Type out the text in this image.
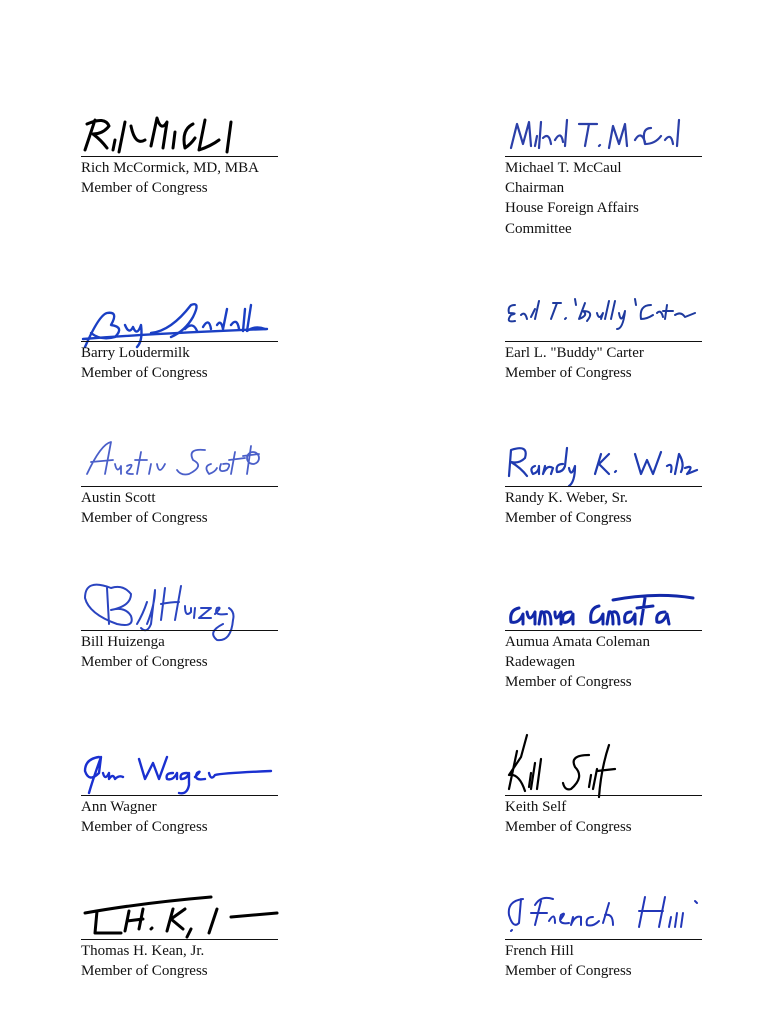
Rich McCormick, MD, MBA
Member of Congress
Michael T. McCaul
Chairman
House Foreign Affairs
Committee
Barry Loudermilk
Member of Congress
Earl L. "Buddy" Carter
Member of Congress
Austin Scott
Member of Congress
Randy K. Weber, Sr.
Member of Congress
Bill Huizenga
Member of Congress
Aumua Amata Coleman
Radewagen
Member of Congress
Ann Wagner
Member of Congress
Keith Self
Member of Congress
Thomas H. Kean, Jr.
Member of Congress
French Hill
Member of Congress
